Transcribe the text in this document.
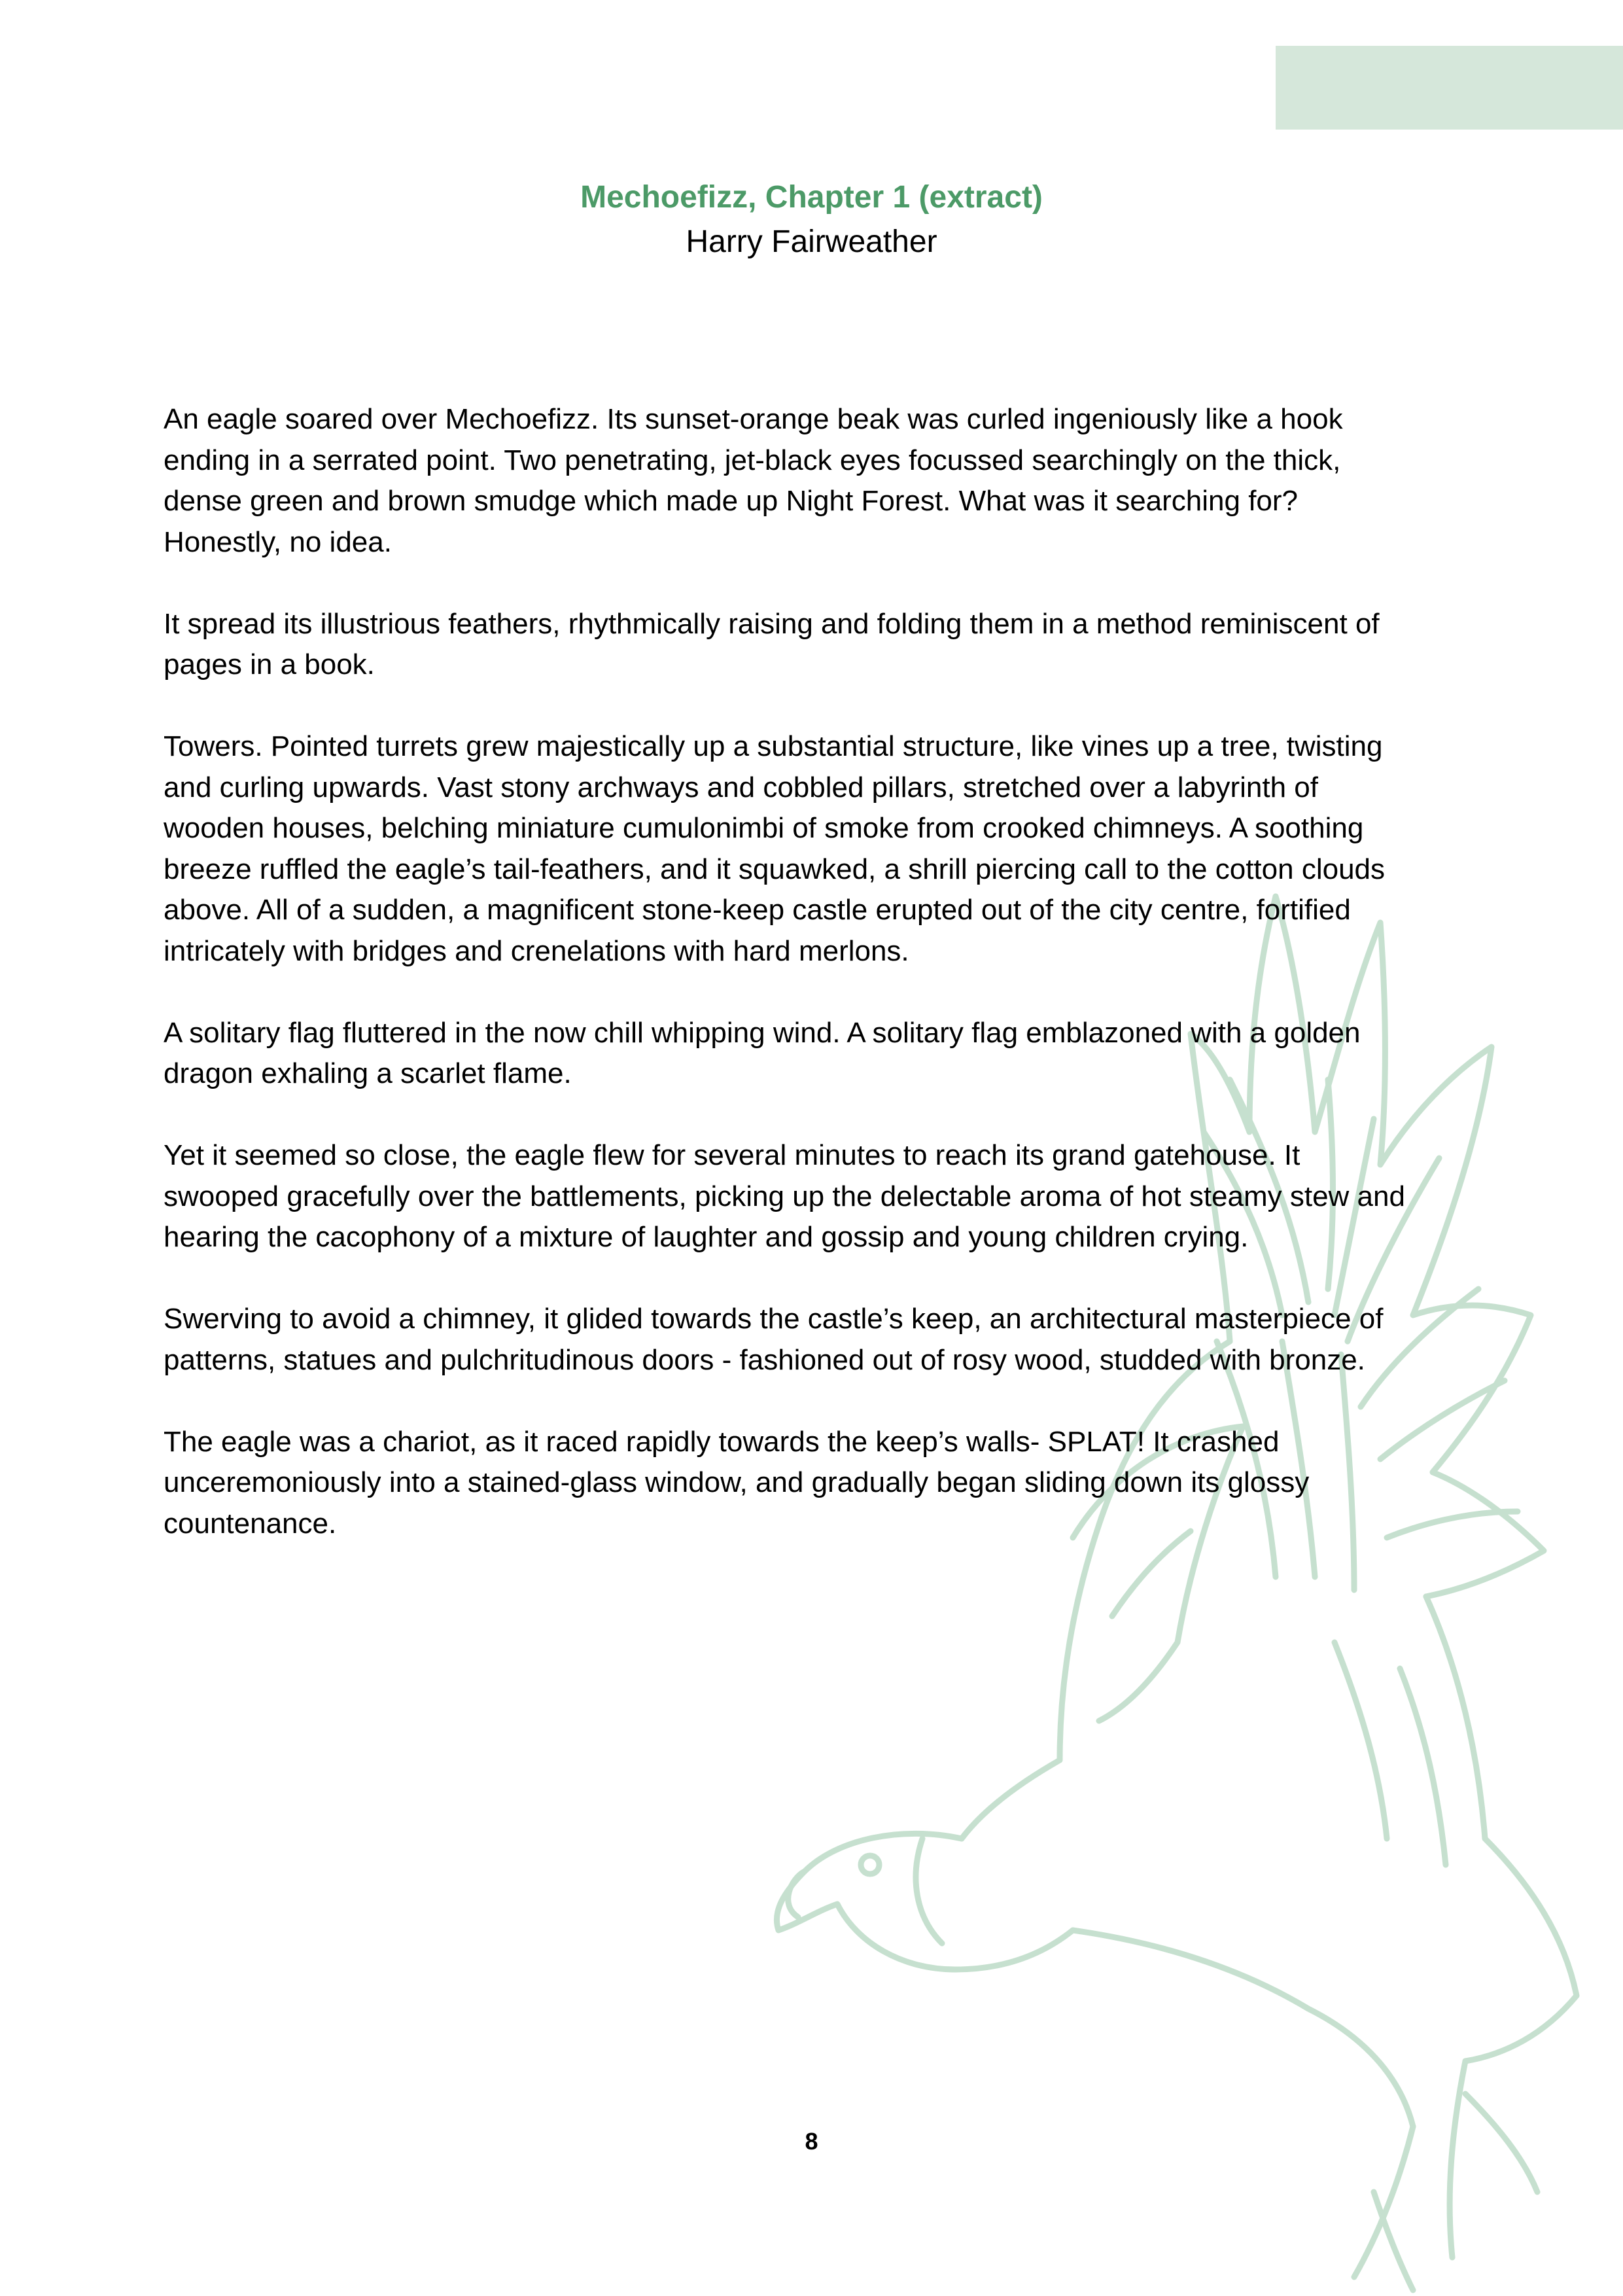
Mechoefizz, Chapter 1 (extract)
Harry Fairweather

An eagle soared over Mechoefizz. Its sunset-orange beak was curled ingeniously like a hook
ending in a serrated point. Two penetrating, jet-black eyes focussed searchingly on the thick,
dense green and brown smudge which made up Night Forest. What was it searching for?
Honestly, no idea.

It spread its illustrious feathers, rhythmically raising and folding them in a method reminiscent of
pages in a book.

Towers. Pointed turrets grew majestically up a substantial structure, like vines up a tree, twisting
and curling upwards. Vast stony archways and cobbled pillars, stretched over a labyrinth of
wooden houses, belching miniature cumulonimbi of smoke from crooked chimneys. A soothing
breeze ruffled the eagle’s tail-feathers, and it squawked, a shrill piercing call to the cotton clouds
above. All of a sudden, a magnificent stone-keep castle erupted out of the city centre, fortified
intricately with bridges and crenelations with hard merlons.

A solitary flag fluttered in the now chill whipping wind. A solitary flag emblazoned with a golden
dragon exhaling a scarlet flame.

Yet it seemed so close, the eagle flew for several minutes to reach its grand gatehouse. It
swooped gracefully over the battlements, picking up the delectable aroma of hot steamy stew and
hearing the cacophony of a mixture of laughter and gossip and young children crying.

Swerving to avoid a chimney, it glided towards the castle’s keep, an architectural masterpiece of
patterns, statues and pulchritudinous doors - fashioned out of rosy wood, studded with bronze.

The eagle was a chariot, as it raced rapidly towards the keep’s walls- SPLAT! It crashed
unceremoniously into a stained-glass window, and gradually began sliding down its glossy
countenance.

8
